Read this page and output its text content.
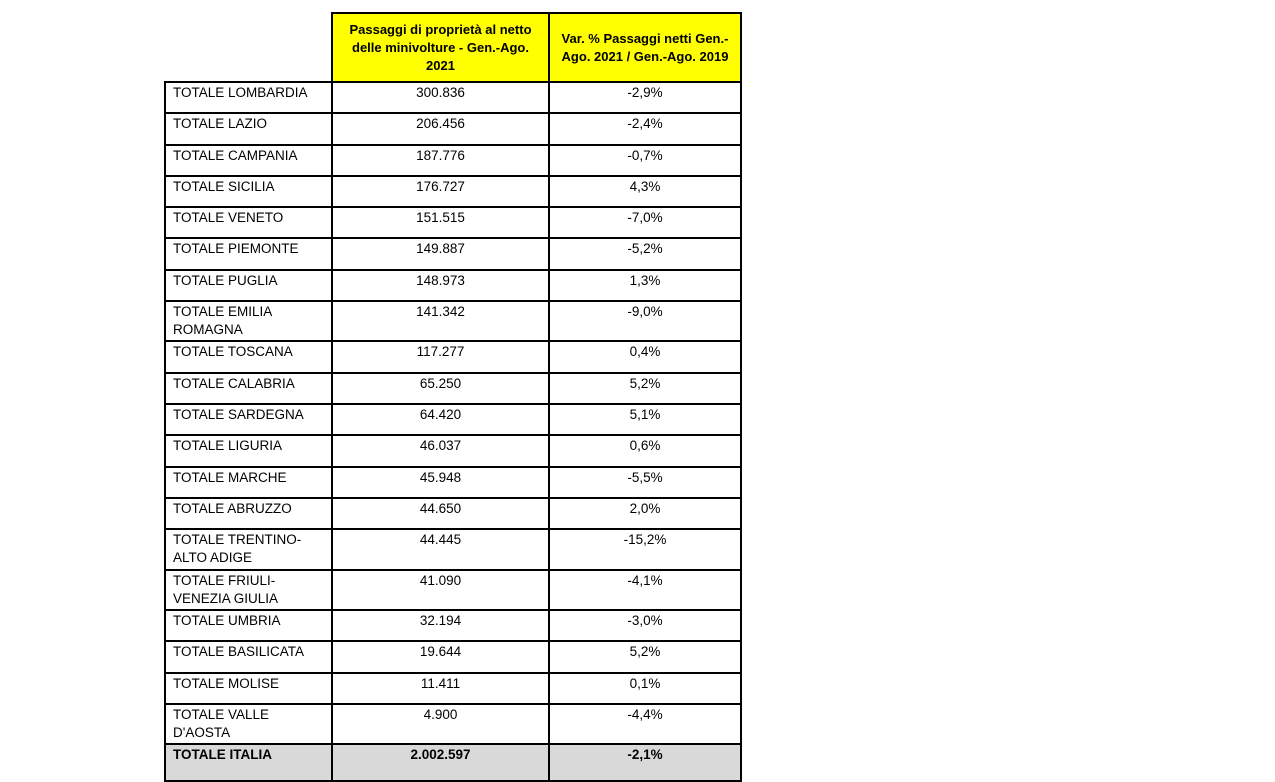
	Passaggi di proprietà al netto delle minivolture - Gen.-Ago. 2021	Var. % Passaggi netti Gen.-Ago. 2021 / Gen.-Ago. 2019
TOTALE LOMBARDIA	300.836	-2,9%
TOTALE LAZIO	206.456	-2,4%
TOTALE CAMPANIA	187.776	-0,7%
TOTALE SICILIA	176.727	4,3%
TOTALE VENETO	151.515	-7,0%
TOTALE PIEMONTE	149.887	-5,2%
TOTALE PUGLIA	148.973	1,3%
TOTALE EMILIA ROMAGNA	141.342	-9,0%
TOTALE TOSCANA	117.277	0,4%
TOTALE CALABRIA	65.250	5,2%
TOTALE SARDEGNA	64.420	5,1%
TOTALE LIGURIA	46.037	0,6%
TOTALE MARCHE	45.948	-5,5%
TOTALE ABRUZZO	44.650	2,0%
TOTALE TRENTINO-ALTO ADIGE	44.445	-15,2%
TOTALE FRIULI-VENEZIA GIULIA	41.090	-4,1%
TOTALE UMBRIA	32.194	-3,0%
TOTALE BASILICATA	19.644	5,2%
TOTALE MOLISE	11.411	0,1%
TOTALE VALLE D'AOSTA	4.900	-4,4%
TOTALE ITALIA	2.002.597	-2,1%
